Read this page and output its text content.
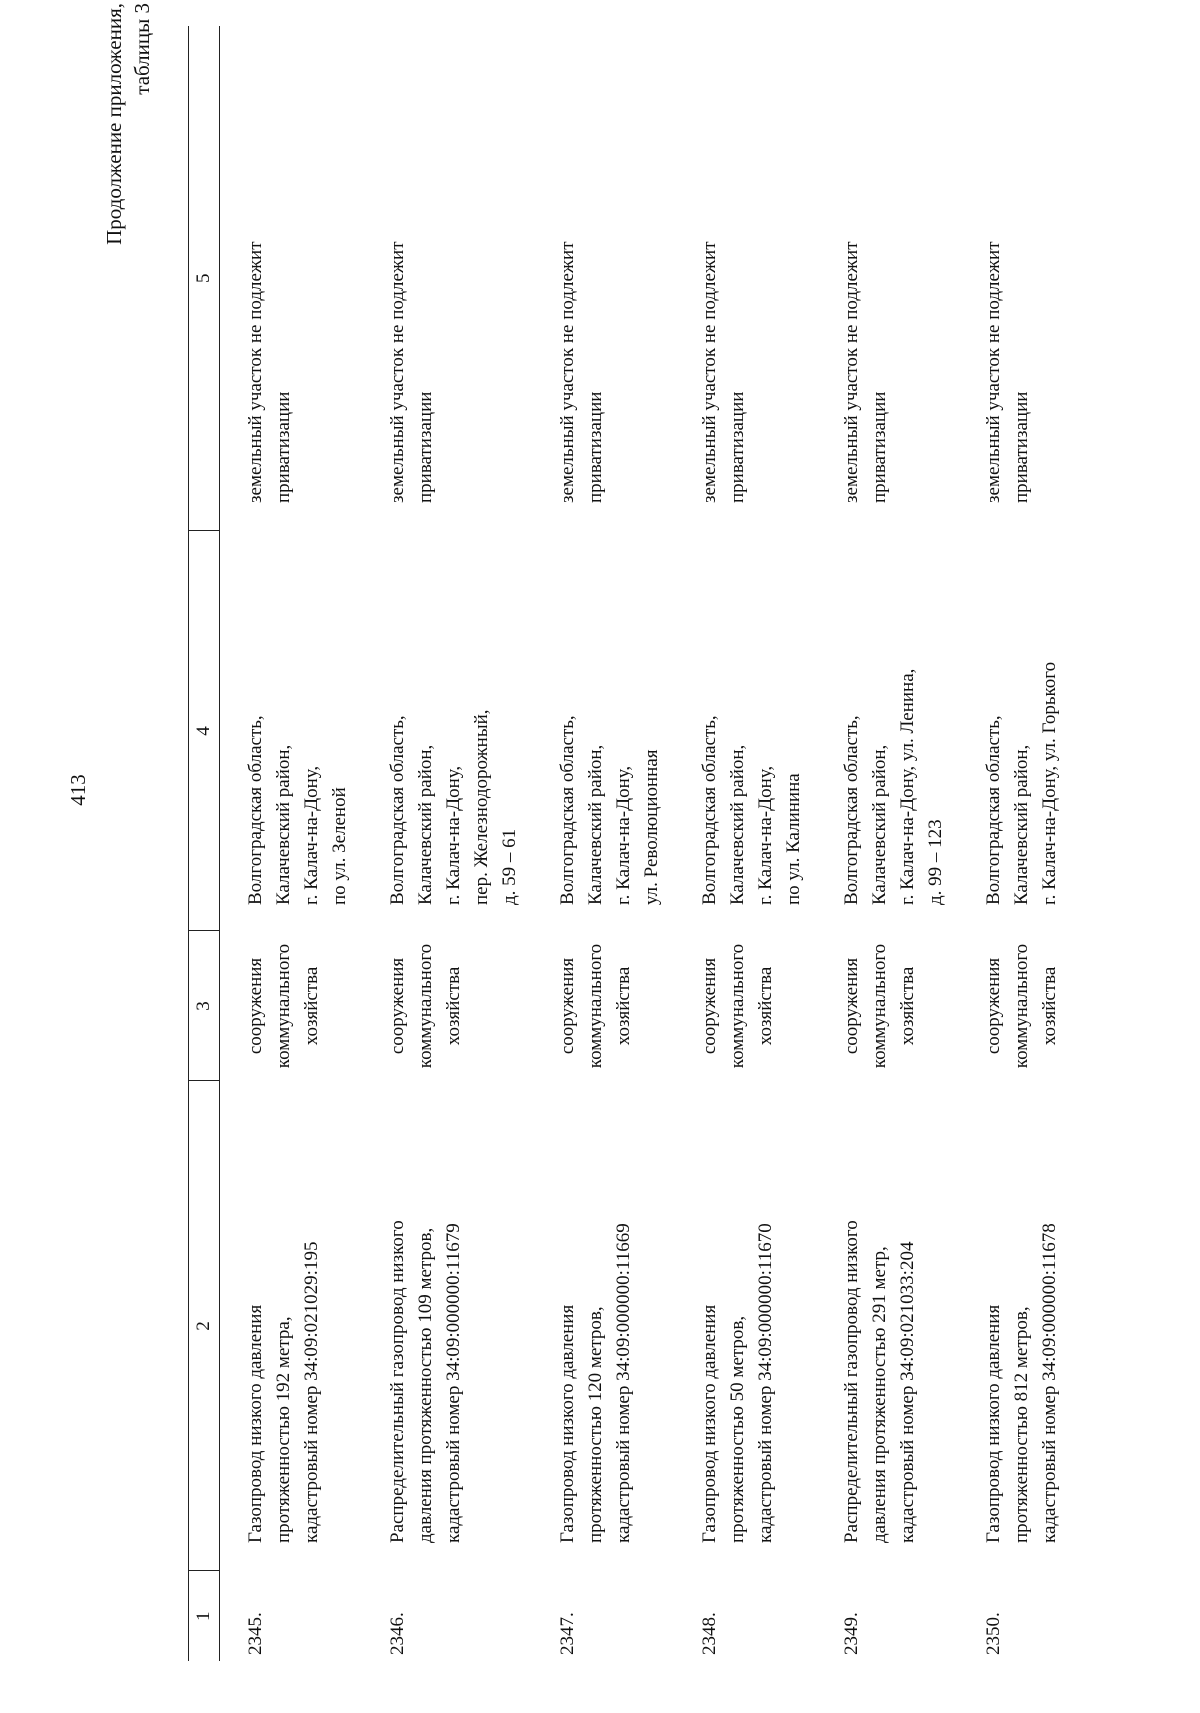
413
Продолжение приложения, таблицы 3
1	2	3	4	5
2345.	Газопровод низкого давления протяженностью 192 метра, кадастровый номер 34:09:021029:195	сооружения коммунального хозяйства	Волгоградская область, Калачевский район, г. Калач-на-Дону, по ул. Зеленой	земельный участок не подлежит приватизации

2346.	Распределительный газопровод низкого давления протяженностью 109 метров, кадастровый номер 34:09:000000:11679	сооружения коммунального хозяйства	Волгоградская область, Калачевский район, г. Калач-на-Дону, пер. Железнодорожный, д. 59 – 61	земельный участок не подлежит приватизации

2347.	Газопровод низкого давления протяженностью 120 метров, кадастровый номер 34:09:000000:11669	сооружения коммунального хозяйства	Волгоградская область, Калачевский район, г. Калач-на-Дону, ул. Революционная	земельный участок не подлежит приватизации

2348.	Газопровод низкого давления протяженностью 50 метров, кадастровый номер 34:09:000000:11670	сооружения коммунального хозяйства	Волгоградская область, Калачевский район, г. Калач-на-Дону, по ул. Калинина	земельный участок не подлежит приватизации

2349.	Распределительный газопровод низкого давления протяженностью 291 метр, кадастровый номер 34:09:021033:204	сооружения коммунального хозяйства	Волгоградская область, Калачевский район, г. Калач-на-Дону, ул. Ленина, д. 99 – 123	земельный участок не подлежит приватизации

2350.	Газопровод низкого давления протяженностью 812 метров, кадастровый номер 34:09:000000:11678	сооружения коммунального хозяйства	Волгоградская область, Калачевский район, г. Калач-на-Дону, ул. Горького	земельный участок не подлежит приватизации
